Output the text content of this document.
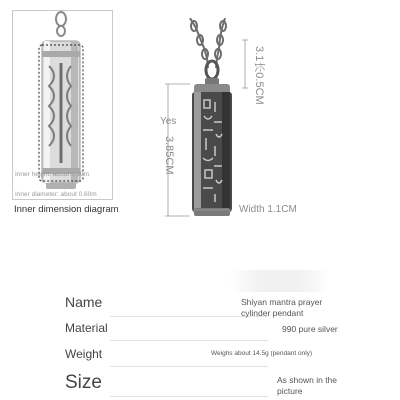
Inner height: about 3.30m
Inner diameter: about 0.80m
Inner dimension diagram
3.1长0.5CM
Yes
3.85CM
Width 1.1CM
Name	Shiyan mantra prayer cylinder pendant
Material	990 pure silver
Weight	Weighs about 14.5g (pendant only)
Size	As shown in the picture
